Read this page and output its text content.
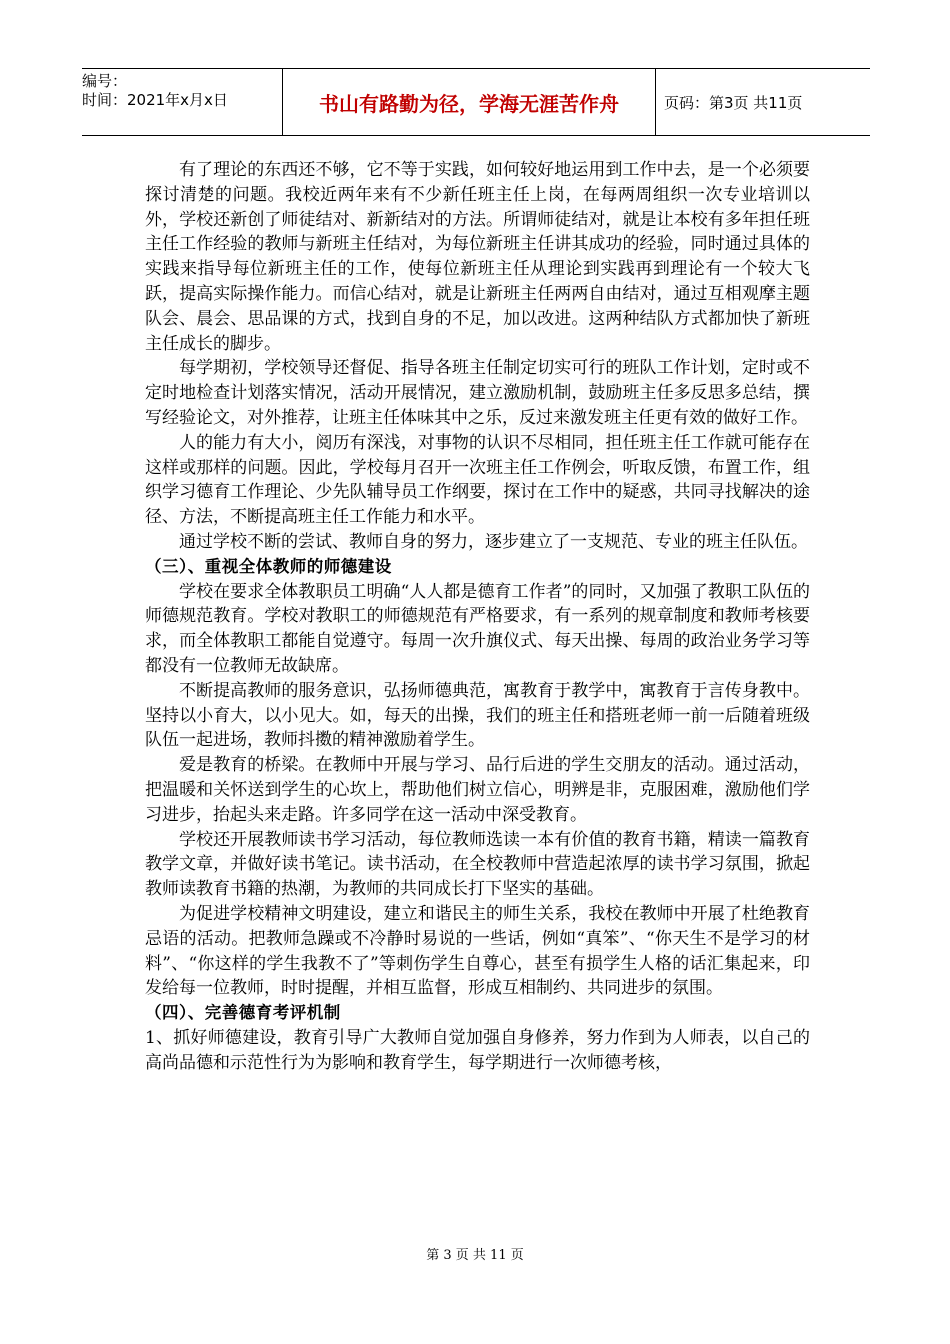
编号：
时间：2021年x月x日	书山有路勤为径，学海无涯苦作舟	页码：第3页 共11页

有了理论的东西还不够，它不等于实践，如何较好地运用到工作中去，是一个必须要探讨清楚的问题。我校近两年来有不少新任班主任上岗，在每两周组织一次专业培训以外，学校还新创了师徒结对、新新结对的方法。所谓师徒结对，就是让本校有多年担任班主任工作经验的教师与新班主任结对，为每位新班主任讲其成功的经验，同时通过具体的实践来指导每位新班主任的工作，使每位新班主任从理论到实践再到理论有一个较大飞跃，提高实际操作能力。而信心结对，就是让新班主任两两自由结对，通过互相观摩主题队会、晨会、思品课的方式，找到自身的不足，加以改进。这两种结队方式都加快了新班主任成长的脚步。

每学期初，学校领导还督促、指导各班主任制定切实可行的班队工作计划，定时或不定时地检查计划落实情况，活动开展情况，建立激励机制，鼓励班主任多反思多总结，撰写经验论文，对外推荐，让班主任体味其中之乐，反过来激发班主任更有效的做好工作。

人的能力有大小，阅历有深浅，对事物的认识不尽相同，担任班主任工作就可能存在这样或那样的问题。因此，学校每月召开一次班主任工作例会，听取反馈，布置工作，组织学习德育工作理论、少先队辅导员工作纲要，探讨在工作中的疑惑，共同寻找解决的途径、方法，不断提高班主任工作能力和水平。

通过学校不断的尝试、教师自身的努力，逐步建立了一支规范、专业的班主任队伍。

（三）、重视全体教师的师德建设

学校在要求全体教职员工明确“人人都是德育工作者”的同时，又加强了教职工队伍的师德规范教育。学校对教职工的师德规范有严格要求，有一系列的规章制度和教师考核要求，而全体教职工都能自觉遵守。每周一次升旗仪式、每天出操、每周的政治业务学习等都没有一位教师无故缺席。

不断提高教师的服务意识，弘扬师德典范，寓教育于教学中，寓教育于言传身教中。坚持以小育大，以小见大。如，每天的出操，我们的班主任和搭班老师一前一后随着班级队伍一起进场，教师抖擞的精神激励着学生。

爱是教育的桥梁。在教师中开展与学习、品行后进的学生交朋友的活动。通过活动，把温暖和关怀送到学生的心坎上，帮助他们树立信心，明辨是非，克服困难，激励他们学习进步，抬起头来走路。许多同学在这一活动中深受教育。

学校还开展教师读书学习活动，每位教师选读一本有价值的教育书籍，精读一篇教育教学文章，并做好读书笔记。读书活动，在全校教师中营造起浓厚的读书学习氛围，掀起教师读教育书籍的热潮，为教师的共同成长打下坚实的基础。

为促进学校精神文明建设，建立和谐民主的师生关系，我校在教师中开展了杜绝教育忌语的活动。把教师急躁或不冷静时易说的一些话，例如“真笨”、“你天生不是学习的材料”、“你这样的学生我教不了”等刺伤学生自尊心，甚至有损学生人格的话汇集起来，印发给每一位教师，时时提醒，并相互监督，形成互相制约、共同进步的氛围。

（四）、完善德育考评机制

1、抓好师德建设，教育引导广大教师自觉加强自身修养，努力作到为人师表，以自己的高尚品德和示范性行为为影响和教育学生，每学期进行一次师德考核，

第 3 页 共 11 页
